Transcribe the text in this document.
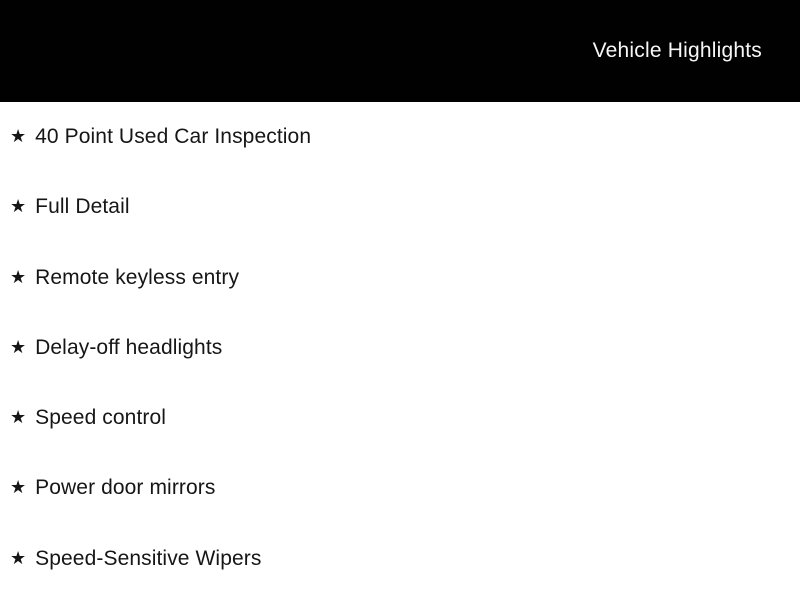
Vehicle Highlights
★ 40 Point Used Car Inspection
★ Full Detail
★ Remote keyless entry
★ Delay-off headlights
★ Speed control
★ Power door mirrors
★ Speed-Sensitive Wipers
